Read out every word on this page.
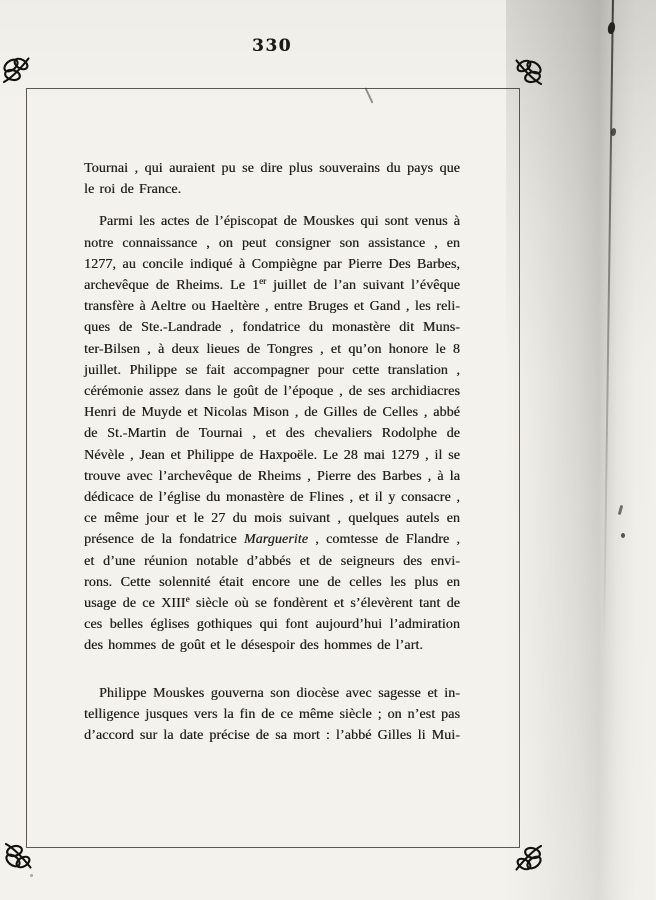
330
Tournai , qui auraient pu se dire plus souverains du pays que
le roi de France.
Parmi les actes de l’épiscopat de Mouskes qui sont venus à
notre connaissance , on peut consigner son assistance , en
1277, au concile indiqué à Compiègne par Pierre Des Barbes,
archevêque de Rheims. Le 1er juillet de l’an suivant l’évêque
transfère à Aeltre ou Haeltère , entre Bruges et Gand , les reli-
ques de Ste.-Landrade , fondatrice du monastère dit Muns-
ter-Bilsen , à deux lieues de Tongres , et qu’on honore le 8
juillet. Philippe se fait accompagner pour cette translation ,
cérémonie assez dans le goût de l’époque , de ses archidiacres
Henri de Muyde et Nicolas Mison , de Gilles de Celles , abbé
de St.-Martin de Tournai , et des chevaliers Rodolphe de
Névèle , Jean et Philippe de Haxpoële. Le 28 mai 1279 , il se
trouve avec l’archevêque de Rheims , Pierre des Barbes , à la
dédicace de l’église du monastère de Flines , et il y consacre ,
ce même jour et le 27 du mois suivant , quelques autels en
présence de la fondatrice Marguerite , comtesse de Flandre ,
et d’une réunion notable d’abbés et de seigneurs des envi-
rons. Cette solennité était encore une de celles les plus en
usage de ce XIIIe siècle où se fondèrent et s’élevèrent tant de
ces belles églises gothiques qui font aujourd’hui l’admiration
des hommes de goût et le désespoir des hommes de l’art.
Philippe Mouskes gouverna son diocèse avec sagesse et in-
telligence jusques vers la fin de ce même siècle ; on n’est pas
d’accord sur la date précise de sa mort : l’abbé Gilles li Mui-
